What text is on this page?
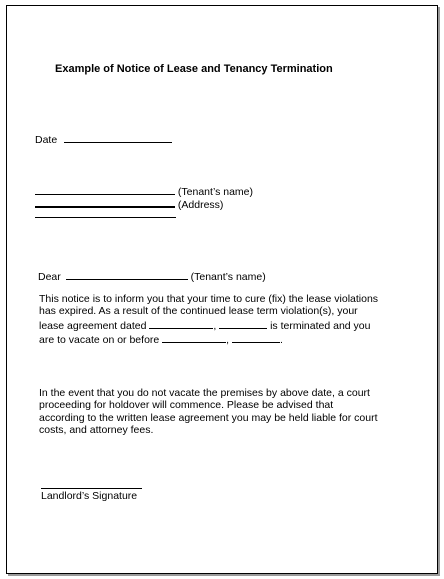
Example of Notice of Lease and Tenancy Termination
Date
(Tenant’s name)
(Address)
Dear	(Tenant’s name)

This notice is to inform you that your time to cure (fix) the lease violations

has expired. As a result of the continued lease term violation(s), your

lease agreement dated	,	is terminated and you

are to vacate on or before	,	.

In the event that you do not vacate the premises by above date, a court

proceeding for holdover will commence. Please be advised that

according to the written lease agreement you may be held liable for court

costs, and attorney fees.

Landlord’s Signature
